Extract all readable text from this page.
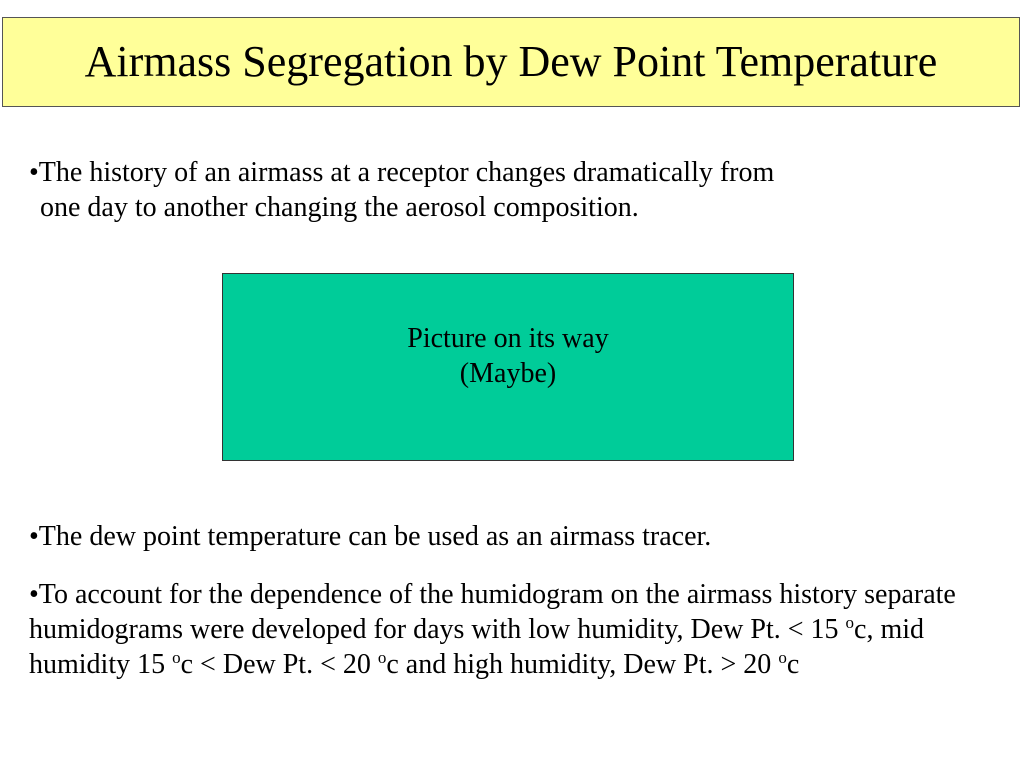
Airmass Segregation by Dew Point Temperature
•The history of an airmass at a receptor changes dramatically from
one day to another changing the aerosol composition.
Picture on its way
(Maybe)
•The dew point temperature can be used as an airmass tracer.
•To account for the dependence of the humidogram on the airmass history separate humidograms were developed for days with low humidity, Dew Pt. < 15 $^o$c, mid humidity 15 $^o$c < Dew Pt. < 20 $^o$c and high humidity, Dew Pt. > 20 $^o$c
